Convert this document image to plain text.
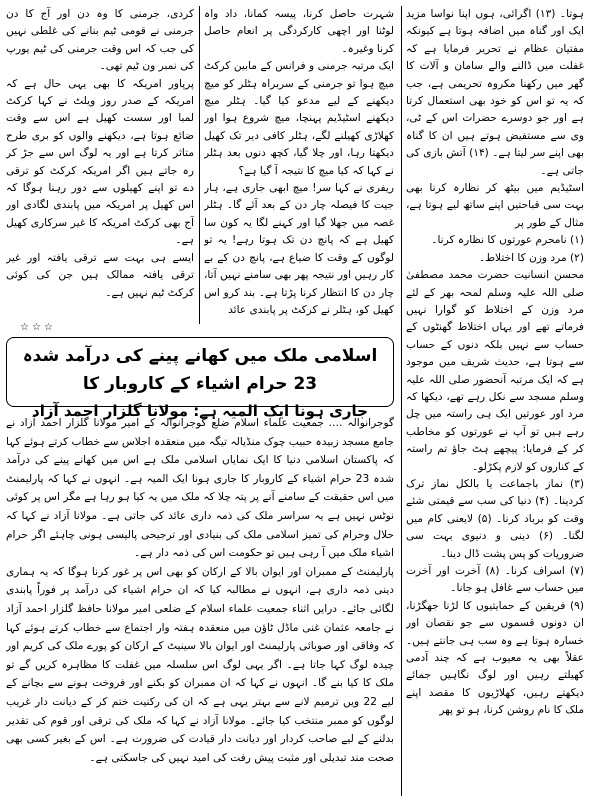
ہوتا۔ (۱۳) اگرائی، ہوں اپنا نواسا مزید ایک اور گناہ میں اضافہ ہوتا ہے کیونکہ مفتیان عظام نے تحریر فرمایا ہے کہ غفلت میں ڈالنے والے سامان و آلات کا گھر میں رکھنا مکروہ تحریمی ہے، جب کہ یہ تو اس کو خود بھی استعمال کرتا ہے اور جو دوسرے حضرات اس کے ٹی، وی سے مستفیض ہوتے ہیں ان کا گناہ بھی اپنے سر لیتا ہے۔ (۱۴) آتش بازی کی جاتی ہے۔

اسٹیڈیم میں بیٹھ کر نظارہ کرنا بھی بہت سی قباحتیں اپنے ساتھ لیے ہوتا ہے، مثال کے طور پر

(۱) نامحرم عورتوں کا نظارہ کرنا۔

(۲) مرد وزن کا اختلاط۔

محسن انسانیت حضرت محمد مصطفیٰ صلی اللہ علیہ وسلم لمحہ بھر کے لئے مرد وزن کے اختلاط کو گوارا نہیں فرماتے تھے اور یہاں اختلاط گھنٹوں کے حساب سے نہیں بلکہ دنوں کے حساب سے ہوتا ہے، حدیث شریف میں موجود ہے کہ ایک مرتبہ آنحضور صلی اللہ علیہ وسلم مسجد سے نکل رہے تھے، دیکھا کہ مرد اور عورتیں ایک ہی راستہ میں چل رہے ہیں تو آپ نے عورتوں کو مخاطب کر کے فرمایا: پیچھے ہٹ جاؤ تم راستہ کے کناروں کو لازم پکڑلو۔

(۳) نماز باجماعت یا بالکل نماز ترک کردینا۔ (۴) دنیا کی سب سے قیمتی شئے وقت کو برباد کرنا۔ (۵) لایعنی کام میں لگنا۔ (۶) دینی و دنیوی بہت سی ضروریات کو پس پشت ڈال دینا۔

(۷) اسراف کرنا۔ (۸) آخرت اور آخرت میں حساب سے غافل ہو جانا۔

(۹) فریقین کے حمایتیوں کا لڑنا جھگڑنا، ان دونوں قسموں سے جو نقصان اور خسارہ ہوتا ہے وہ سب ہی جانتے ہیں۔ عقلاً بھی یہ معیوب ہے کہ چند آدمی کھیلتے رہیں اور لوگ نگاہیں جمائے دیکھتے رہیں، کھلاڑیوں کا مقصد اپنے ملک کا نام روشن کرنا، ہو تو پھر

شہرت حاصل کرنا، پیسہ کمانا، داد واہ لوٹنا اور اچھی کارکردگی پر انعام حاصل کرنا وغیرہ۔

ایک مرتبہ جرمنی و فرانس کے مابین کرکٹ میچ ہوا تو جرمنی کے سربراہ ہٹلر کو میچ دیکھنے کے لیے مدعو کیا گیا۔ ہٹلر میچ دیکھنے اسٹیڈیم پہنچا، میچ شروع ہوا اور کھلاڑی کھیلنے لگے، ہٹلر کافی دیر تک کھیل دیکھتا رہا، اور چلا گیا، کچھ دنوں بعد ہٹلر نے کہا کہ کیا میچ کا نتیجہ آ گیا ہے؟

ریفری نے کہا سر! میچ ابھی جاری ہے، ہار جیت کا فیصلہ چار دن کے بعد آئے گا۔ ہٹلر غصہ میں جھلا گیا اور کہنے لگا یہ کون سا کھیل ہے کہ پانچ دن تک ہوتا رہے! یہ تو لوگوں کے وقت کا ضیاع ہے، پانچ دن کے بے کار رہیں اور نتیجہ پھر بھی سامنے نہیں آتا، چار دن کا انتظار کرنا پڑتا ہے۔ بند کرو اس کھیل کو، ہٹلر نے کرکٹ پر پابندی عائد

کردی، جرمنی کا وہ دن اور آج کا دن جرمنی نے قومی ٹیم بنانے کی غلطی نہیں کی جب کہ اس وقت جرمنی کی ٹیم یورپ کی نمبر ون ٹیم تھی۔

پرپاور امریکہ کا بھی یہی حال ہے کہ امریکہ کے صدر روز ویلٹ نے کہا کرکٹ لمبا اور سست کھیل ہے اس سے وقت ضائع ہوتا ہے، دیکھنے والوں کو بری طرح متاثر کرتا ہے اور یہ لوگ اس سے جڑ کر رہ جاتے ہیں اگر امریکہ کرکٹ کو ترقی دے تو اپنے کھیلوں سے دور رہنا ہوگا کہ اس کھیل پر امریکہ میں پابندی لگادی اور آج بھی کرکٹ امریکہ کا غیر سرکاری کھیل ہے۔

ایسے ہی بہت سے ترقی یافتہ اور غیر ترقی یافتہ ممالک ہیں جن کی کوئی کرکٹ ٹیم نہیں ہے۔

☆☆☆
اسلامی ملک میں کھانے پینے کی درآمد شدہ 23 حرام اشیاء کے کاروبار کا
جاری ہونا ایک المیہ ہے: مولانا گلزار احمد آزاد

گوجرانوالہ …. جمعیت علماء اسلام ضلع گوجرانوالہ کے امیر مولانا گلزار احمد آزاد نے جامع مسجد زبیدہ حبیب چوک منڈیالہ تیگہ میں منعقدہ اجلاس سے خطاب کرتے ہوئے کہا کہ پاکستان اسلامی دنیا کا ایک نمایاں اسلامی ملک ہے اس میں کھانے پینے کی درآمد شدہ 23 حرام اشیاء کے کاروبار کا جاری ہونا ایک المیہ ہے۔ انہوں نے کہا کہ پارلیمنٹ میں اس حقیقت کے سامنے آنے پر پتہ چلا کہ ملک میں یہ کیا ہو رہا ہے مگر اس پر کوئی نوٹس نہیں ہے یہ سراسر ملک کی ذمہ داری عائد کی جاتی ہے۔ مولانا آزاد نے کہا کہ حلال وحرام کی تمیز اسلامی ملک کی بنیادی اور ترجیحی پالیسی ہونی چاہئے اگر حرام اشیاء ملک میں آ رہی ہیں تو حکومت اس کی ذمہ دار ہے۔

پارلیمنٹ کے ممبران اور ایوان بالا کے ارکان کو بھی اس پر غور کرنا ہوگا کہ یہ ہماری دینی ذمہ داری ہے، انہوں نے مطالبہ کیا کہ ان حرام اشیاء کی درآمد پر فوراً پابندی لگائی جائے۔ درایں اثناء جمعیت علماء اسلام کے ضلعی امیر مولانا حافظ گلزار احمد آزاد نے جامعہ عثمان غنی ماڈل ٹاؤن میں منعقدہ ہفتہ وار اجتماع سے خطاب کرتے ہوئے کہا کہ وفاقی اور صوبائی پارلیمنٹ اور ایوان بالا سینیٹ کے ارکان کو پورے ملک کی کریم اور چیدہ لوگ کہا جاتا ہے۔ اگر یہی لوگ اس سلسلہ میں غفلت کا مظاہرہ کریں گے تو ملک کا کیا بنے گا۔ انہوں نے کہا کہ ان ممبران کو بکنے اور فروخت ہونے سے بچانے کے لیے 22 ویں ترمیم لانے سے بہتر یہی ہے کہ ان کی رکنیت ختم کر کے دیانت دار غریب لوگوں کو ممبر منتخب کیا جائے۔ مولانا آزاد نے کہا کہ ملک کی ترقی اور قوم کی تقدیر بدلنے کے لیے صاحب کردار اور دیانت دار قیادت کی ضرورت ہے۔ اس کے بغیر کسی بھی صحت مند تبدیلی اور مثبت پیش رفت کی امید نہیں کی جاسکتی ہے۔
